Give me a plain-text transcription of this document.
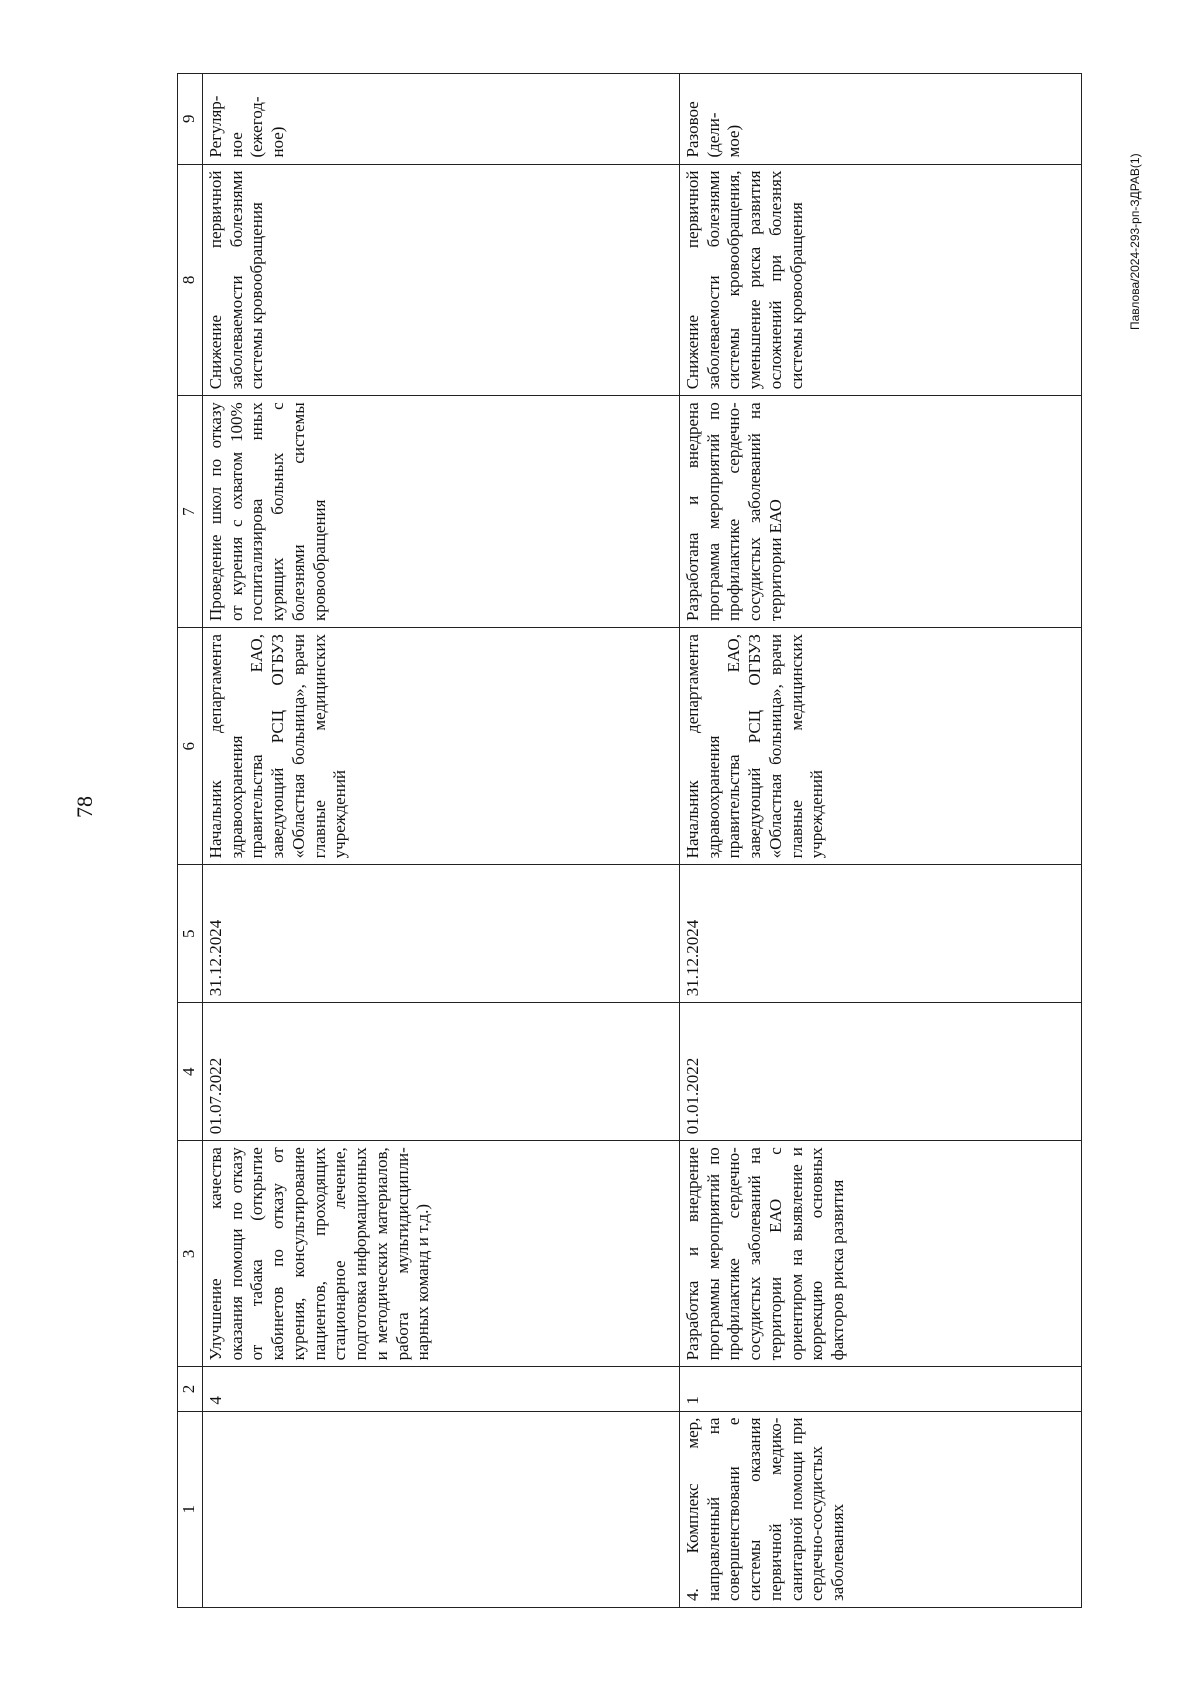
78
Павлова/2024-293-рп-ЗДРАВ(1)
1	2	3	4	5	6	7	8	9
	4	Улучшение качества оказания помощи по отказу от табака (открытие кабинетов по отказу от курения, консультирование пациентов, проходящих стационарное лечение, подготовка информационных и методических материалов, работа мультидисципли-нарных команд и т.д.)	01.07.2022	31.12.2024	Начальник департамента здравоохранения правительства ЕАО, заведующий РСЦ ОГБУЗ «Областная больница», врачи главные медицинских учреждений	Проведение школ по отказу от курения с охватом 100% госпитализирова нных курящих больных с болезнями системы кровообращения	Снижение первичной заболеваемости болезнями системы кровообращения	Регуляр-ное (ежегод-ное)
4. Комплекс мер, направленный на совершенствовани е системы оказания первичной медико-санитарной помощи при сердечно-сосудистых заболеваниях	1	Разработка и внедрение программы мероприятий по профилактике сердечно-сосудистых заболеваний на территории ЕАО с ориентиром на выявление и коррекцию основных факторов риска развития	01.01.2022	31.12.2024	Начальник департамента здравоохранения правительства ЕАО, заведующий РСЦ ОГБУЗ «Областная больница», врачи главные медицинских учреждений	Разработана и внедрена программа мероприятий по профилактике сердечно-сосудистых заболеваний на территории ЕАО	Снижение первичной заболеваемости болезнями системы кровообращения, уменьшение риска развития осложнений при болезнях системы кровообращения	Разовое (дели-мое)
